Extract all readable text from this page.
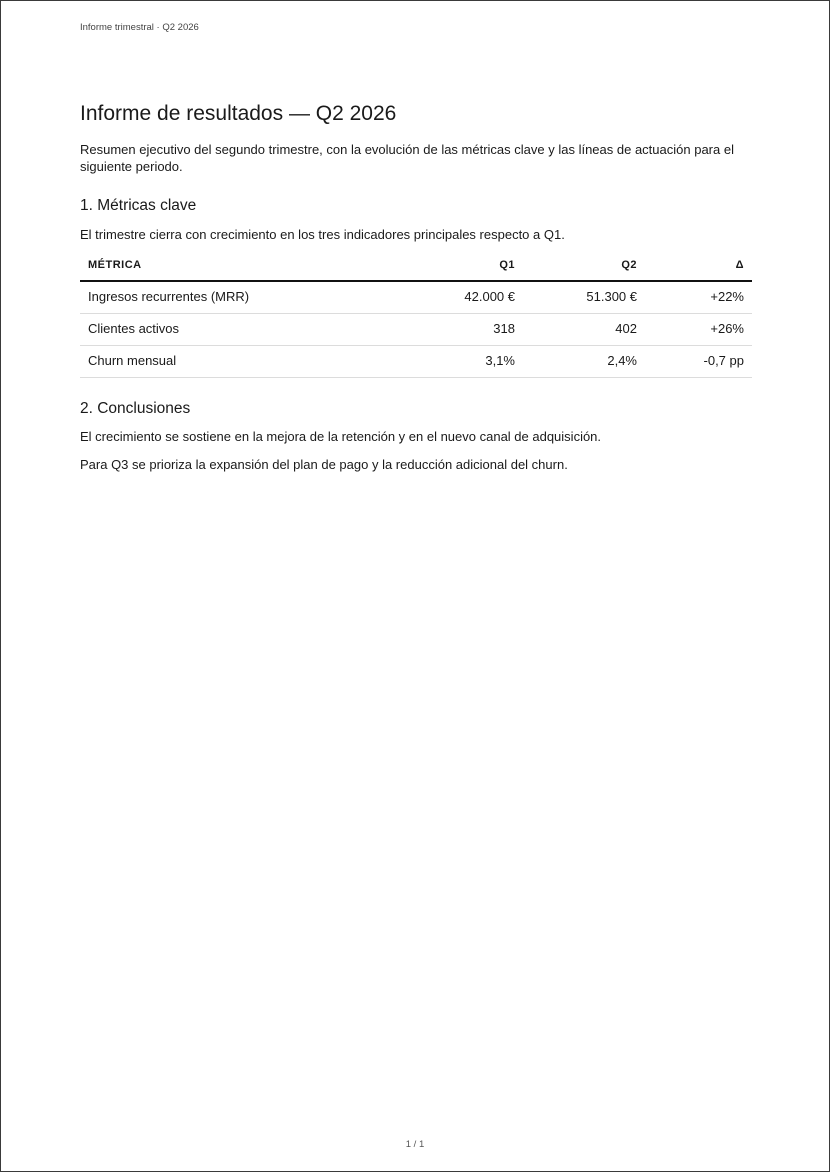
Informe trimestral · Q2 2026
Informe de resultados — Q2 2026

Resumen ejecutivo del segundo trimestre, con la evolución de las métricas clave y las líneas de actuación para el siguiente periodo.

1. Métricas clave

El trimestre cierra con crecimiento en los tres indicadores principales respecto a Q1.

MÉTRICA	Q1	Q2	Δ
Ingresos recurrentes (MRR)	42.000 €	51.300 €	+22%
Clientes activos	318	402	+26%
Churn mensual	3,1%	2,4%	-0,7 pp
2. Conclusiones

El crecimiento se sostiene en la mejora de la retención y en el nuevo canal de adquisición.

Para Q3 se prioriza la expansión del plan de pago y la reducción adicional del churn.

1 / 1
